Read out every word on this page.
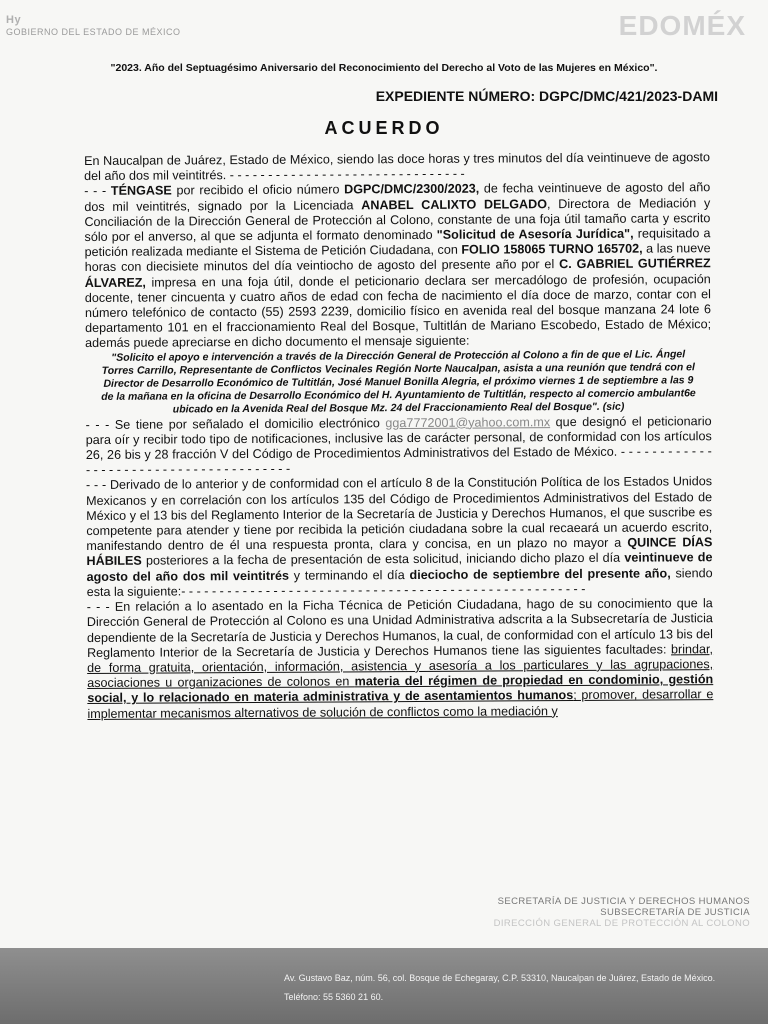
Hy
GOBIERNO DEL ESTADO DE MÉXICO	EDOMÉX
"2023. Año del Septuagésimo Aniversario del Reconocimiento del Derecho al Voto de las Mujeres en México".
EXPEDIENTE NÚMERO: DGPC/DMC/421/2023-DAMI
ACUERDO

En Naucalpan de Juárez, Estado de México, siendo las doce horas y tres minutos del día veintinueve de agosto del año dos mil veintitrés. - - - - - - - - - - - - - - - - - - - - - - - - - - - - - - -

- - - TÉNGASE por recibido el oficio número DGPC/DMC/2300/2023, de fecha veintinueve de agosto del año dos mil veintitrés, signado por la Licenciada ANABEL CALIXTO DELGADO, Directora de Mediación y Conciliación de la Dirección General de Protección al Colono, constante de una foja útil tamaño carta y escrito sólo por el anverso, al que se adjunta el formato denominado "Solicitud de Asesoría Jurídica", requisitado a petición realizada mediante el Sistema de Petición Ciudadana, con FOLIO 158065 TURNO 165702, a las nueve horas con diecisiete minutos del día veintiocho de agosto del presente año por el C. GABRIEL GUTIÉRREZ ÁLVAREZ, impresa en una foja útil, donde el peticionario declara ser mercadólogo de profesión, ocupación docente, tener cincuenta y cuatro años de edad con fecha de nacimiento el día doce de marzo, contar con el número telefónico de contacto (55) 2593 2239, domicilio físico en avenida real del bosque manzana 24 lote 6 departamento 101 en el fraccionamiento Real del Bosque, Tultitlán de Mariano Escobedo, Estado de México; además puede apreciarse en dicho documento el mensaje siguiente:

"Solicito el apoyo e intervención a través de la Dirección General de Protección al Colono a fin de que el Lic. Ángel Torres Carrillo, Representante de Conflictos Vecinales Región Norte Naucalpan, asista a una reunión que tendrá con el Director de Desarrollo Económico de Tultitlán, José Manuel Bonilla Alegria, el próximo viernes 1 de septiembre a las 9 de la mañana en la oficina de Desarrollo Económico del H. Ayuntamiento de Tultitlán, respecto al comercio ambulant6e ubicado en la Avenida Real del Bosque Mz. 24 del Fraccionamiento Real del Bosque". (sic)

- - - Se tiene por señalado el domicilio electrónico gga7772001@yahoo.com.mx que designó el peticionario para oír y recibir todo tipo de notificaciones, inclusive las de carácter personal, de conformidad con los artículos 26, 26 bis y 28 fracción V del Código de Procedimientos Administrativos del Estado de México. - - - - - - - - - - - - - - - - - - - - - - - - - - - - - - - - - - - - - - -

- - - Derivado de lo anterior y de conformidad con el artículo 8 de la Constitución Política de los Estados Unidos Mexicanos y en correlación con los artículos 135 del Código de Procedimientos Administrativos del Estado de México y el 13 bis del Reglamento Interior de la Secretaría de Justicia y Derechos Humanos, el que suscribe es competente para atender y tiene por recibida la petición ciudadana sobre la cual recaeará un acuerdo escrito, manifestando dentro de él una respuesta pronta, clara y concisa, en un plazo no mayor a QUINCE DÍAS HÁBILES posteriores a la fecha de presentación de esta solicitud, iniciando dicho plazo el día veintinueve de agosto del año dos mil veintitrés y terminando el día dieciocho de septiembre del presente año, siendo esta la siguiente:- - - - - - - - - - - - - - - - - - - - - - - - - - - - - - - - - - - - - - - - - - - - - - - - - - - - -

- - - En relación a lo asentado en la Ficha Técnica de Petición Ciudadana, hago de su conocimiento que la Dirección General de Protección al Colono es una Unidad Administrativa adscrita a la Subsecretaría de Justicia dependiente de la Secretaría de Justicia y Derechos Humanos, la cual, de conformidad con el artículo 13 bis del Reglamento Interior de la Secretaría de Justicia y Derechos Humanos tiene las siguientes facultades: brindar, de forma gratuita, orientación, información, asistencia y asesoría a los particulares y las agrupaciones, asociaciones u organizaciones de colonos en materia del régimen de propiedad en condominio, gestión social, y lo relacionado en materia administrativa y de asentamientos humanos; promover, desarrollar e implementar mecanismos alternativos de solución de conflictos como la mediación y

SECRETARÍA DE JUSTICIA Y DERECHOS HUMANOS
SUBSECRETARÍA DE JUSTICIA
DIRECCIÓN GENERAL DE PROTECCIÓN AL COLONO
Av. Gustavo Baz, núm. 56, col. Bosque de Echegaray, C.P. 53310, Naucalpan de Juárez, Estado de México.
Teléfono: 55 5360 21 60.
